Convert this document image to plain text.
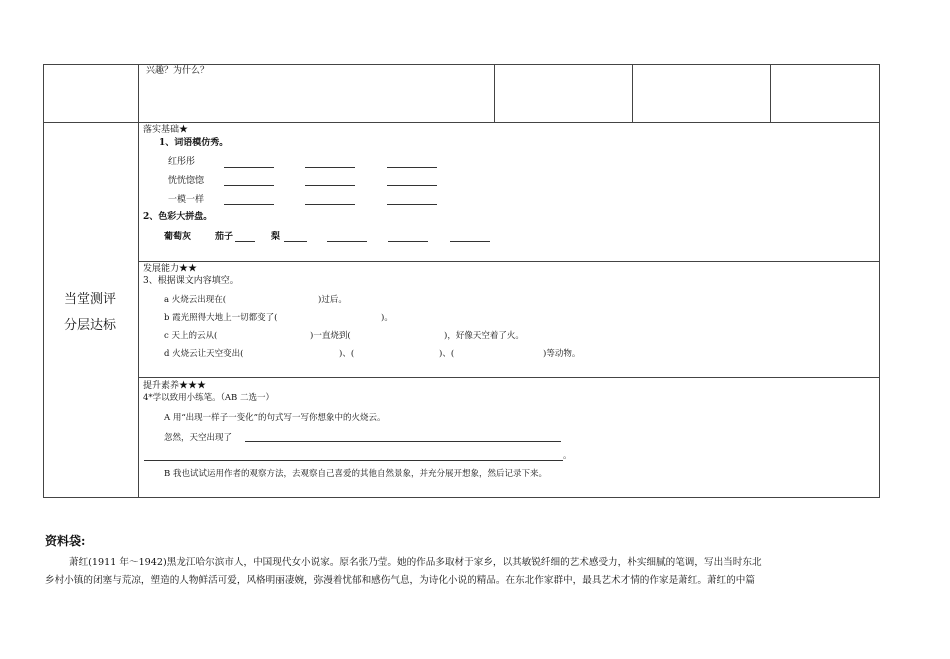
兴趣？为什么？
当堂测评
分层达标
落实基础★
1、词语模仿秀。
红彤彤
恍恍惚惚
一模一样
2、色彩大拼盘。
葡萄灰	茄子	梨
发展能力★★
3、根据课文内容填空。
a 火烧云出现在(	)过后。
b 霞光照得大地上一切都变了(	)。
c 天上的云从(	)一直烧到(	)，好像天空着了火。
d 火烧云让天空变出(	)、(	)、(	)等动物。
提升素养★★★
4*学以致用小练笔。（AB 二选一）
A 用“出现一样子一变化”的句式写一写你想象中的火烧云。
忽然，天空出现了
。
B 我也试试运用作者的观察方法，去观察自己喜爱的其他自然景象，并充分展开想象，然后记录下来。
资料袋:
萧红(1911 年～1942)黑龙江哈尔滨市人，中国现代女小说家。原名张乃莹。她的作品多取材于家乡，以其敏锐纤细的艺术感受力，朴实细腻的笔调，写出当时东北
乡村小镇的闭塞与荒凉，塑造的人物鲜活可爱，风格明丽凄婉，弥漫着忧郁和感伤气息，为诗化小说的精品。在东北作家群中，最具艺术才情的作家是萧红。萧红的中篇
